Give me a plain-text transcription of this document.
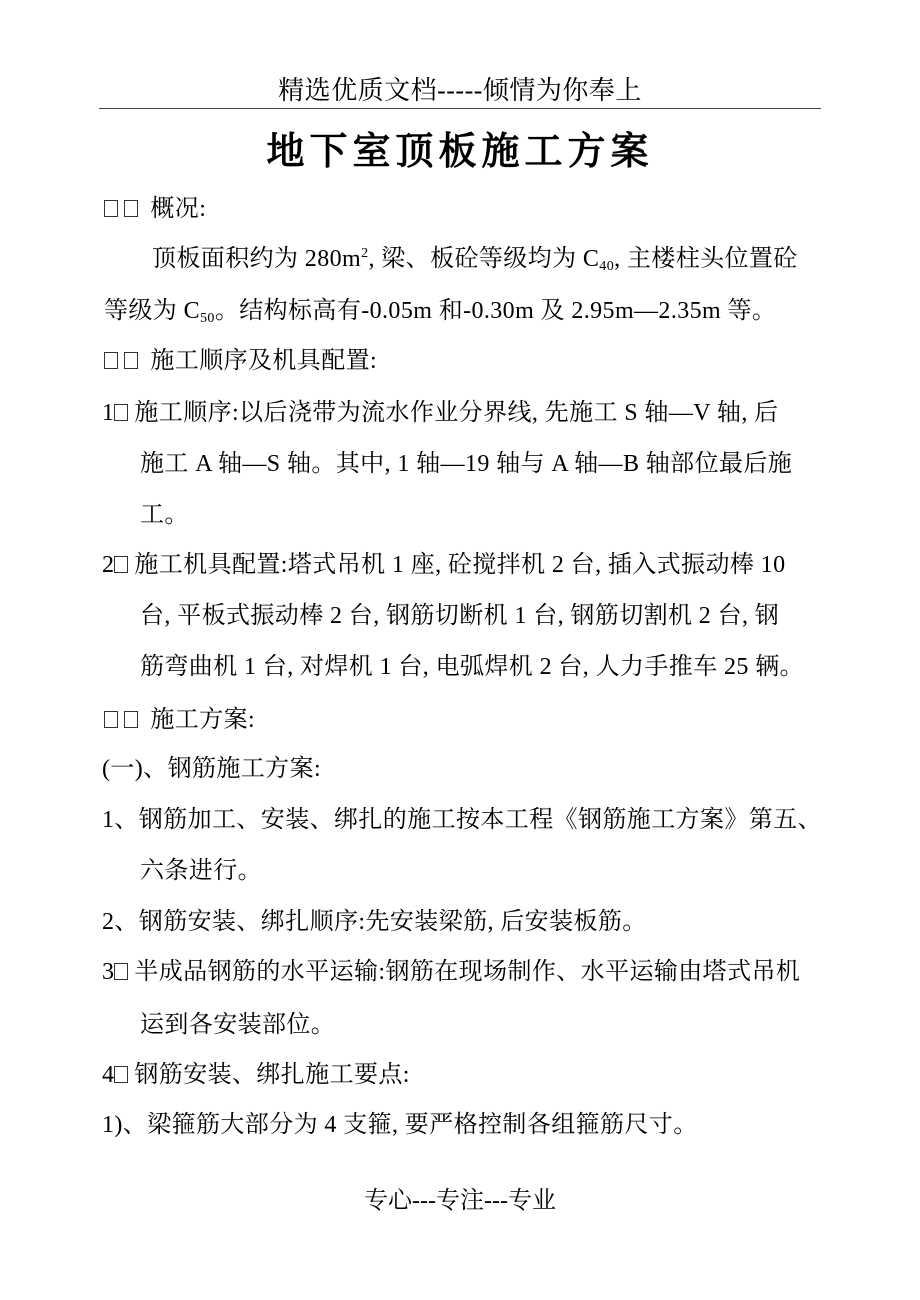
精选优质文档-----倾情为你奉上
地下室顶板施工方案
概况:
顶板面积约为 $280m^2$, 梁、板砼等级均为 $C_{40}$, 主楼柱头位置砼
等级为 $C_{50}$。结构标高有-0.05m 和-0.30m 及 2.95m—2.35m 等。
施工顺序及机具配置:
1 施工顺序:以后浇带为流水作业分界线, 先施工 S 轴—V 轴, 后
施工 A 轴—S 轴。其中, 1 轴—19 轴与 A 轴—B 轴部位最后施
工。
2 施工机具配置:塔式吊机 1 座, 砼搅拌机 2 台, 插入式振动棒 10
台, 平板式振动棒 2 台, 钢筋切断机 1 台, 钢筋切割机 2 台, 钢
筋弯曲机 1 台, 对焊机 1 台, 电弧焊机 2 台, 人力手推车 25 辆。
施工方案:
(一)、钢筋施工方案:
1、钢筋加工、安装、绑扎的施工按本工程《钢筋施工方案》第五、
六条进行。
2、钢筋安装、绑扎顺序:先安装梁筋, 后安装板筋。
3 半成品钢筋的水平运输:钢筋在现场制作、水平运输由塔式吊机
运到各安装部位。
4 钢筋安装、绑扎施工要点:
1)、梁箍筋大部分为 4 支箍, 要严格控制各组箍筋尺寸。
专心---专注---专业
